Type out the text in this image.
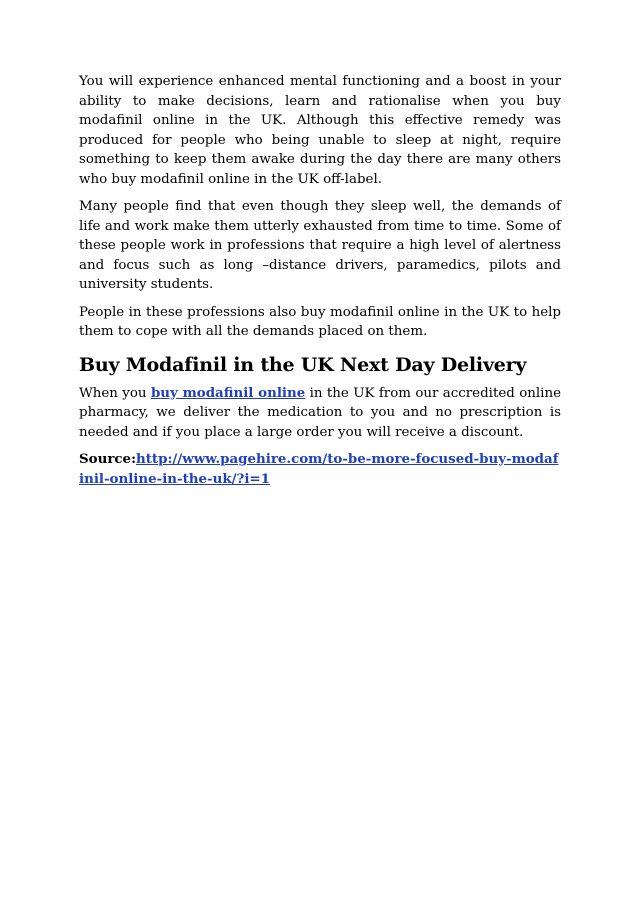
You will experience enhanced mental functioning and a boost in your ability to make decisions, learn and rationalise when you buy modafinil online in the UK. Although this effective remedy was produced for people who being unable to sleep at night, require something to keep them awake during the day there are many others who buy modafinil online in the UK off-label.

Many people find that even though they sleep well, the demands of life and work make them utterly exhausted from time to time. Some of these people work in professions that require a high level of alertness and focus such as long –distance drivers, paramedics, pilots and university students.

People in these professions also buy modafinil online in the UK to help them to cope with all the demands placed on them.

Buy Modafinil in the UK Next Day Delivery

When you buy modafinil online in the UK from our accredited online pharmacy, we deliver the medication to you and no prescription is needed and if you place a large order you will receive a discount.

Source:http://www.pagehire.com/to-be-more-focused-buy-modafinil-online-in-the-uk/?i=1
